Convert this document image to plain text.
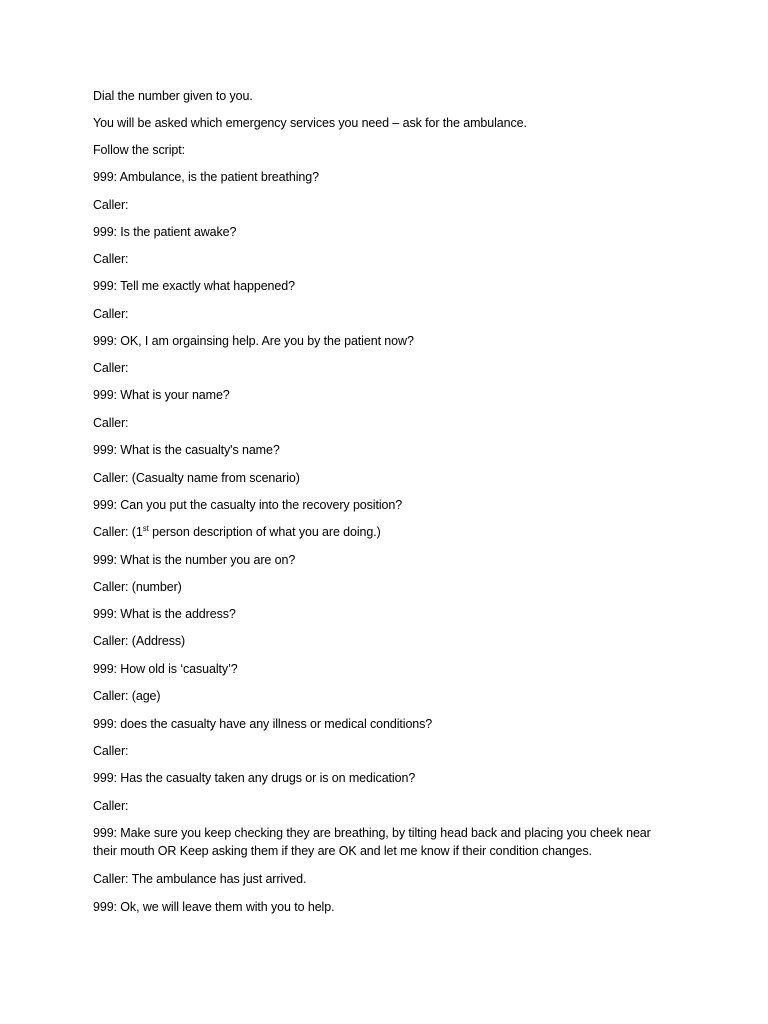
Dial the number given to you.
You will be asked which emergency services you need – ask for the ambulance.
Follow the script:
999: Ambulance, is the patient breathing?
Caller:
999: Is the patient awake?
Caller:
999: Tell me exactly what happened?
Caller:
999: OK, I am orgainsing help. Are you by the patient now?
Caller:
999: What is your name?
Caller:
999: What is the casualty's name?
Caller: (Casualty name from scenario)
999: Can you put the casualty into the recovery position?
Caller: (1st person description of what you are doing.)
999: What is the number you are on?
Caller: (number)
999: What is the address?
Caller: (Address)
999: How old is ‘casualty’?
Caller: (age)
999: does the casualty have any illness or medical conditions?
Caller:
999: Has the casualty taken any drugs or is on medication?
Caller:
999: Make sure you keep checking they are breathing, by tilting head back and placing you cheek near their mouth OR Keep asking them if they are OK and let me know if their condition changes.
Caller: The ambulance has just arrived.
999: Ok, we will leave them with you to help.
